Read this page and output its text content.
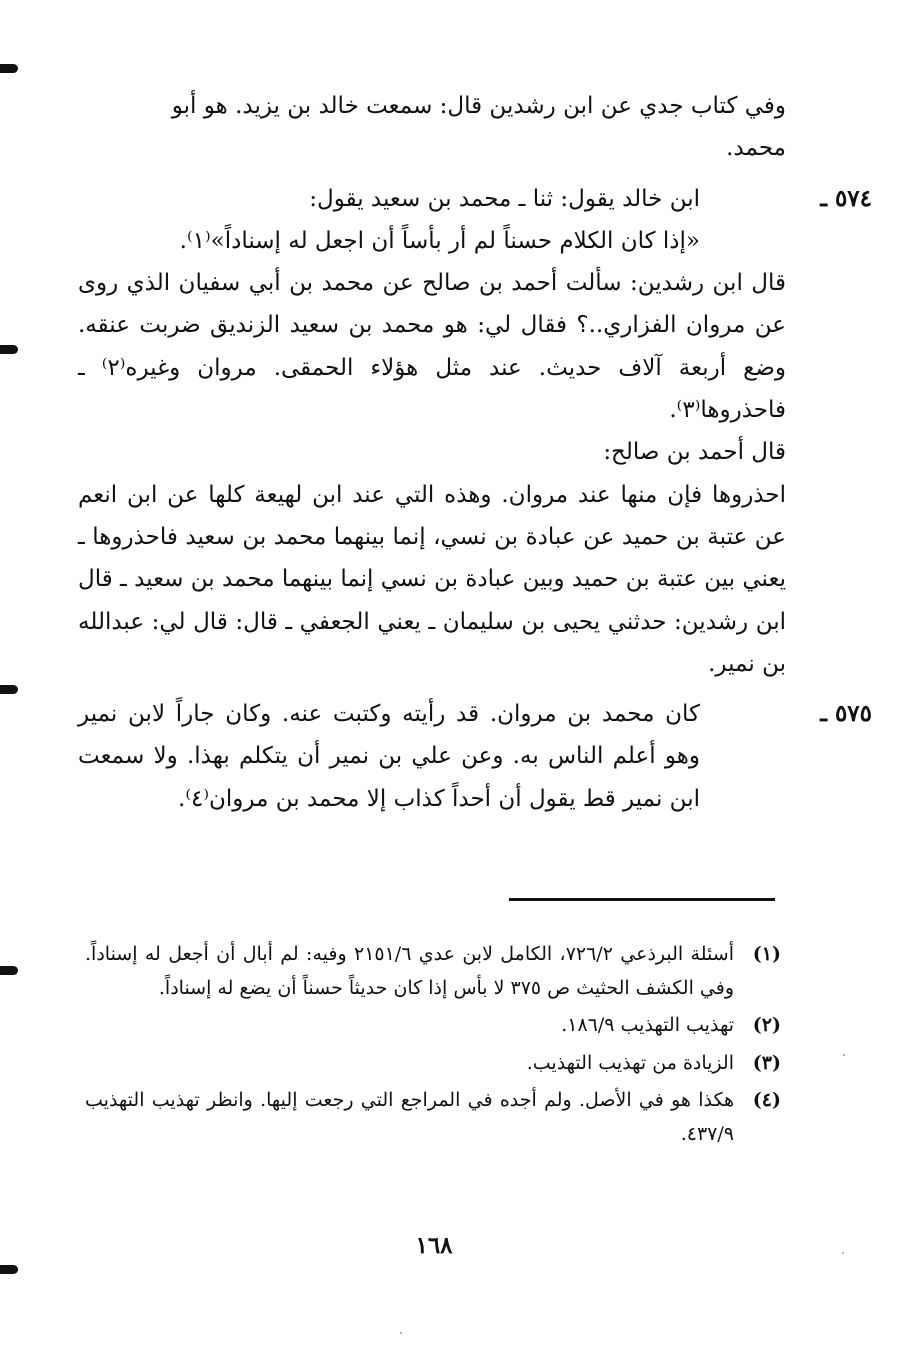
وفي كتاب جدي عن ابن رشدين قال: سمعت خالد بن يزيد. هو أبو

محمد.

٥٧٤ ـ

ابن خالد يقول: ثنا ـ محمد بن سعيد يقول:

«إذا كان الكلام حسناً لم أر بأساً أن اجعل له إسناداً»⁽١⁾.

قال ابن رشدين: سألت أحمد بن صالح عن محمد بن أبي سفيان الذي روى عن مروان الفزاري..؟ فقال لي: هو محمد بن سعيد الزنديق ضربت عنقه. وضع أربعة آلاف حديث. عند مثل هؤلاء الحمقى. مروان وغيره⁽٢⁾ ـ فاحذروها⁽٣⁾.

قال أحمد بن صالح:

احذروها فإن منها عند مروان. وهذه التي عند ابن لهيعة كلها عن ابن انعم عن عتبة بن حميد عن عبادة بن نسي، إنما بينهما محمد بن سعيد فاحذروها ـ يعني بين عتبة بن حميد وبين عبادة بن نسي إنما بينهما محمد بن سعيد ـ قال ابن رشدين: حدثني يحيى بن سليمان ـ يعني الجعفي ـ قال: قال لي: عبدالله بن نمير.

٥٧٥ ـ

كان محمد بن مروان. قد رأيته وكتبت عنه. وكان جاراً لابن نمير وهو أعلم الناس به. وعن علي بن نمير أن يتكلم بهذا. ولا سمعت ابن نمير قط يقول أن أحداً كذاب إلا محمد بن مروان⁽٤⁾.

(١)
أسئلة البرذعي ٧٢٦/٢، الكامل لابن عدي ٢١٥١/٦ وفيه: لم أبال أن أجعل له إسناداً. وفي الكشف الحثيث ص ٣٧٥ لا بأس إذا كان حديثاً حسناً أن يضع له إسناداً.
(٢)
تهذيب التهذيب ١٨٦/٩.
(٣)
الزيادة من تهذيب التهذيب.
(٤)
هكذا هو في الأصل. ولم أجده في المراجع التي رجعت إليها. وانظر تهذيب التهذيب ٤٣٧/٩.
١٦٨
